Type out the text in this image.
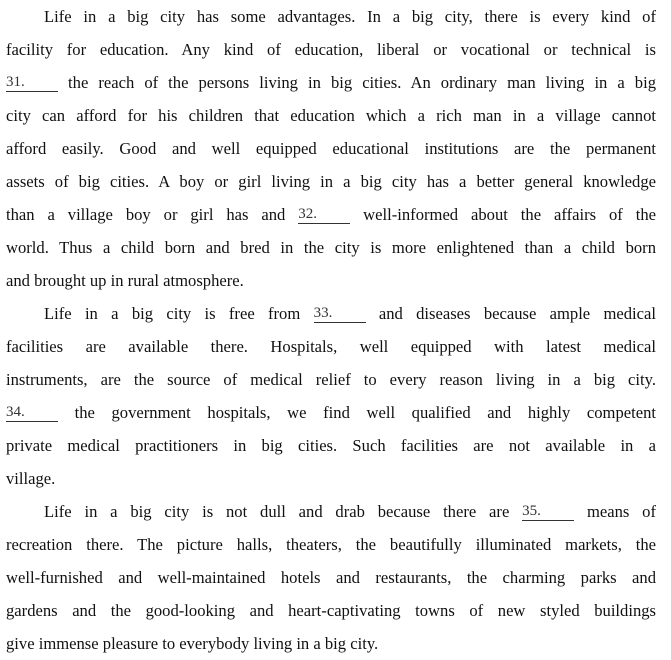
Life in a big city has some advantages. In a big city, there is every kind of
facility for education. Any kind of education, liberal or vocational or technical is
31. the reach of the persons living in big cities. An ordinary man living in a big
city can afford for his children that education which a rich man in a village cannot
afford easily. Good and well equipped educational institutions are the permanent
assets of big cities. A boy or girl living in a big city has a better general knowledge
than a village boy or girl has and 32. well-informed about the affairs of the
world. Thus a child born and bred in the city is more enlightened than a child born
and brought up in rural atmosphere.
Life in a big city is free from 33. and diseases because ample medical
facilities are available there. Hospitals, well equipped with latest medical
instruments, are the source of medical relief to every reason living in a big city.
34. the government hospitals, we find well qualified and highly competent
private medical practitioners in big cities. Such facilities are not available in a
village.
Life in a big city is not dull and drab because there are 35. means of
recreation there. The picture halls, theaters, the beautifully illuminated markets, the
well-furnished and well-maintained hotels and restaurants, the charming parks and
gardens and the good-looking and heart-captivating towns of new styled buildings
give immense pleasure to everybody living in a big city.
